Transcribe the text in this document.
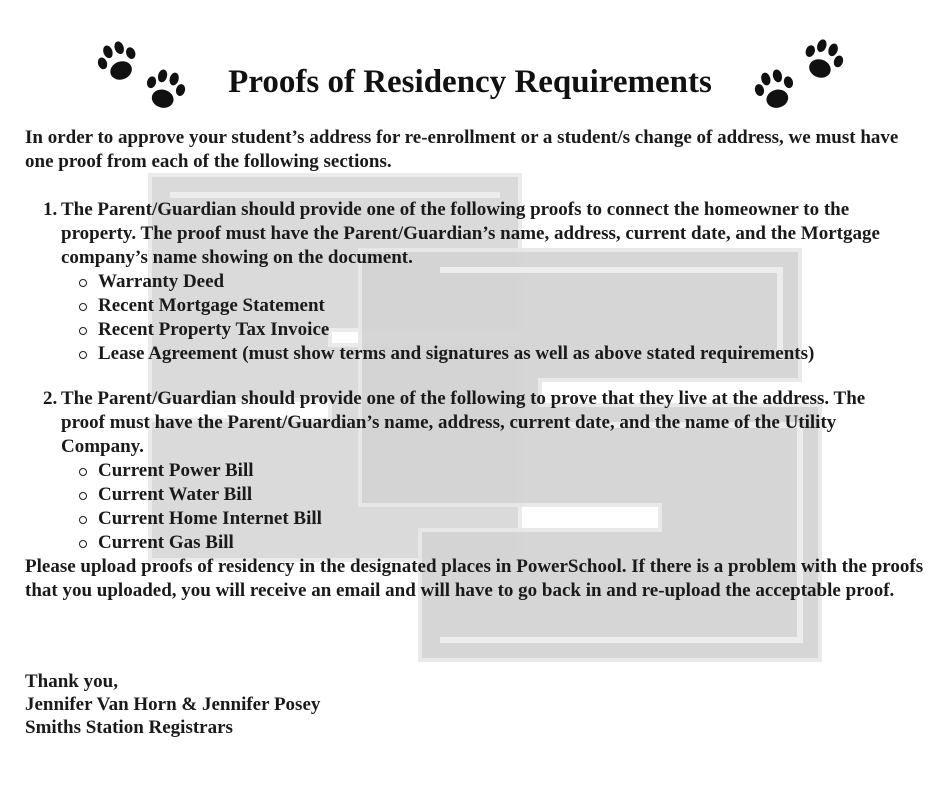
Proofs of Residency Requirements
In order to approve your student’s address for re-enrollment or a student/s change of address, we must have one proof from each of the following sections.
1. The Parent/Guardian should provide one of the following proofs to connect the homeowner to the property. The proof must have the Parent/Guardian’s name, address, current date, and the Mortgage company’s name showing on the document.
Warranty Deed
Recent Mortgage Statement
Recent Property Tax Invoice
Lease Agreement (must show terms and signatures as well as above stated requirements)
2. The Parent/Guardian should provide one of the following to prove that they live at the address. The proof must have the Parent/Guardian’s name, address, current date, and the name of the Utility Company.
Current Power Bill
Current Water Bill
Current Home Internet Bill
Current Gas Bill
Please upload proofs of residency in the designated places in PowerSchool. If there is a problem with the proofs that you uploaded, you will receive an email and will have to go back in and re-upload the acceptable proof.
Thank you,
Jennifer Van Horn & Jennifer Posey
Smiths Station Registrars
